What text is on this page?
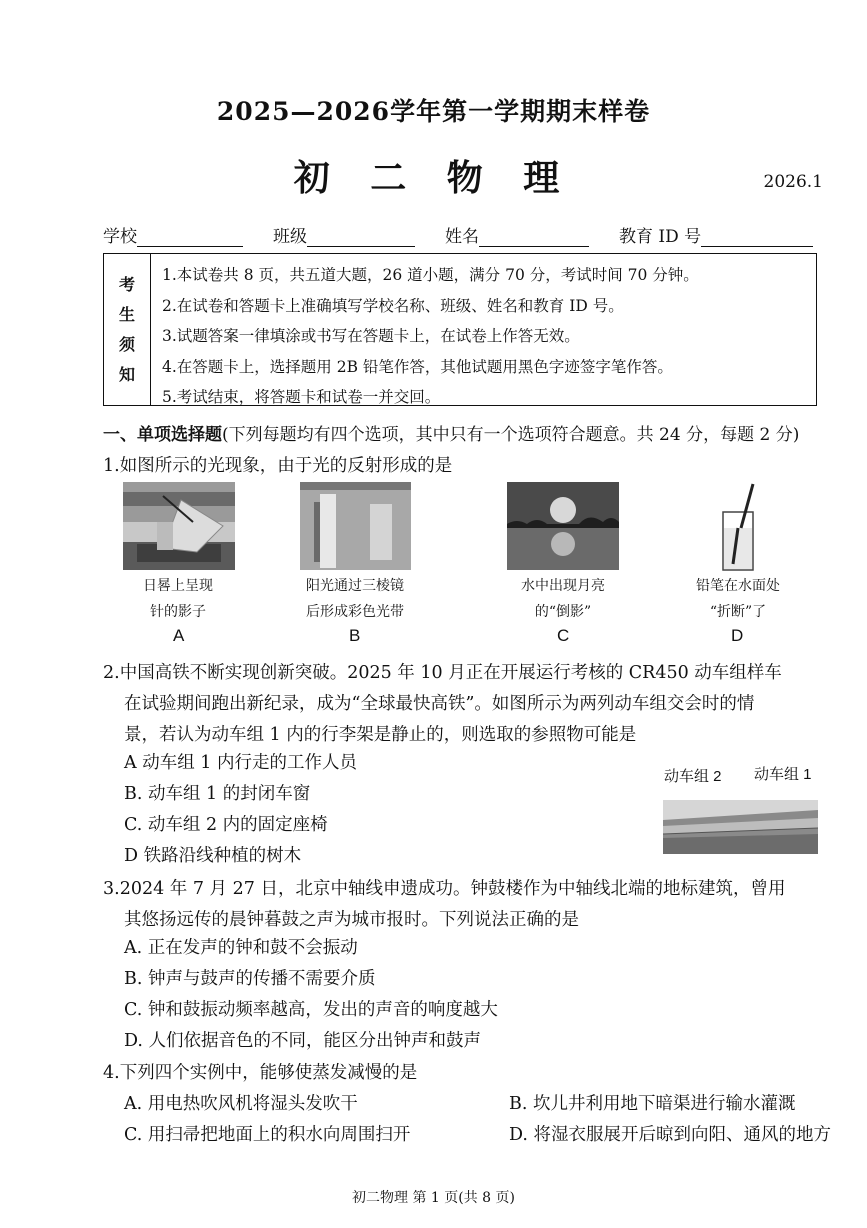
2025—2026学年第一学期期末样卷
初 二 物 理	2026.1
学校	班级	姓名	教育 ID 号
考
生
须
知
1.本试卷共 8 页，共五道大题，26 道小题，满分 70 分，考试时间 70 分钟。
2.在试卷和答题卡上准确填写学校名称、班级、姓名和教育 ID 号。
3.试题答案一律填涂或书写在答题卡上，在试卷上作答无效。
4.在答题卡上，选择题用 2B 铅笔作答，其他试题用黑色字迹签字笔作答。
5.考试结束，将答题卡和试卷一并交回。
一、单项选择题(下列每题均有四个选项，其中只有一个选项符合题意。共 24 分，每题 2 分)
1.如图所示的光现象，由于光的反射形成的是
日晷上呈现
针的影子
阳光通过三棱镜
后形成彩色光带
水中出现月亮
的“倒影”
铅笔在水面处
“折断”了
A	B	C	D
2.中国高铁不断实现创新突破。2025 年 10 月正在开展运行考核的 CR450 动车组样车
在试验期间跑出新纪录，成为“全球最快高铁”。如图所示为两列动车组交会时的情
景，若认为动车组 1 内的行李架是静止的，则选取的参照物可能是
A 动车组 1 内行走的工作人员
B. 动车组 1 的封闭车窗
C. 动车组 2 内的固定座椅
D 铁路沿线种植的树木
动车组 2 动车组 1
3.2024 年 7 月 27 日，北京中轴线申遗成功。钟鼓楼作为中轴线北端的地标建筑，曾用
其悠扬远传的晨钟暮鼓之声为城市报时。下列说法正确的是
A. 正在发声的钟和鼓不会振动
B. 钟声与鼓声的传播不需要介质
C. 钟和鼓振动频率越高，发出的声音的响度越大
D. 人们依据音色的不同，能区分出钟声和鼓声
4.下列四个实例中，能够使蒸发减慢的是
A. 用电热吹风机将湿头发吹干	B. 坎儿井利用地下暗渠进行输水灌溉
C. 用扫帚把地面上的积水向周围扫开	D. 将湿衣服展开后晾到向阳、通风的地方
初二物理 第 1 页(共 8 页)
